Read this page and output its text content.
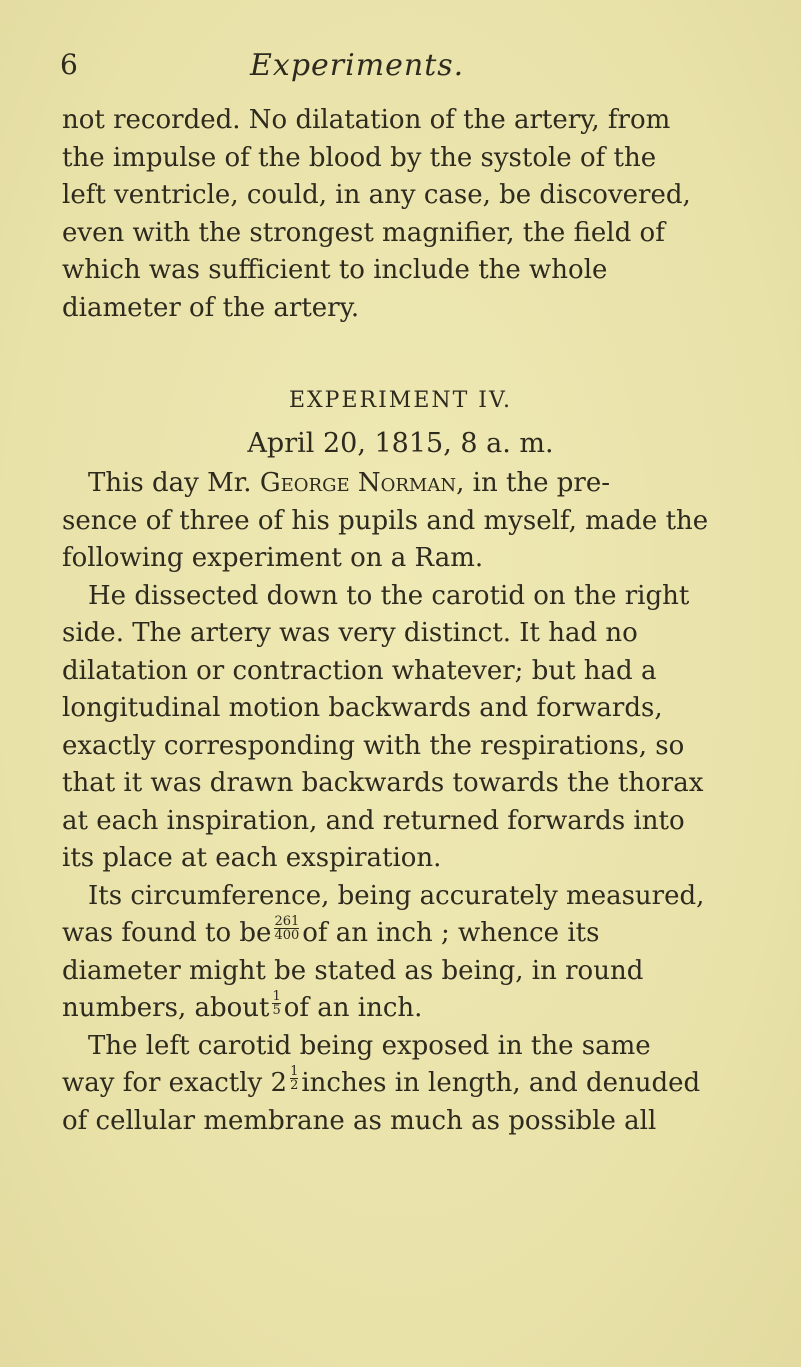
6	Experiments.
not recorded. No dilatation of the artery, from
the impulse of the blood by the systole of the
left ventricle, could, in any case, be discovered,
even with the strongest magnifier, the field of
which was sufficient to include the whole
diameter of the artery.
EXPERIMENT IV.
April 20, 1815, 8 a. m.
This day Mr.
George Norman , in the pre-
sence of three of his pupils and myself, made the
following experiment on a Ram.
He dissected down to the carotid on the right
side. The artery was very distinct. It had no
dilatation or contraction whatever; but had a
longitudinal motion backwards and forwards,
exactly corresponding with the respirations, so
that it was drawn backwards towards the thorax
at each inspiration, and returned forwards into
its place at each exspiration.
Its circumference, being accurately measured,
was found to be $\frac{261}{400}$ of an inch ; whence its
diameter might be stated as being, in round
numbers, about $\frac{1}{5}$ of an inch.
The left carotid being exposed in the same
way for exactly $2 \frac{1}{2}$ inches in length, and denuded
of cellular membrane as much as possible all
